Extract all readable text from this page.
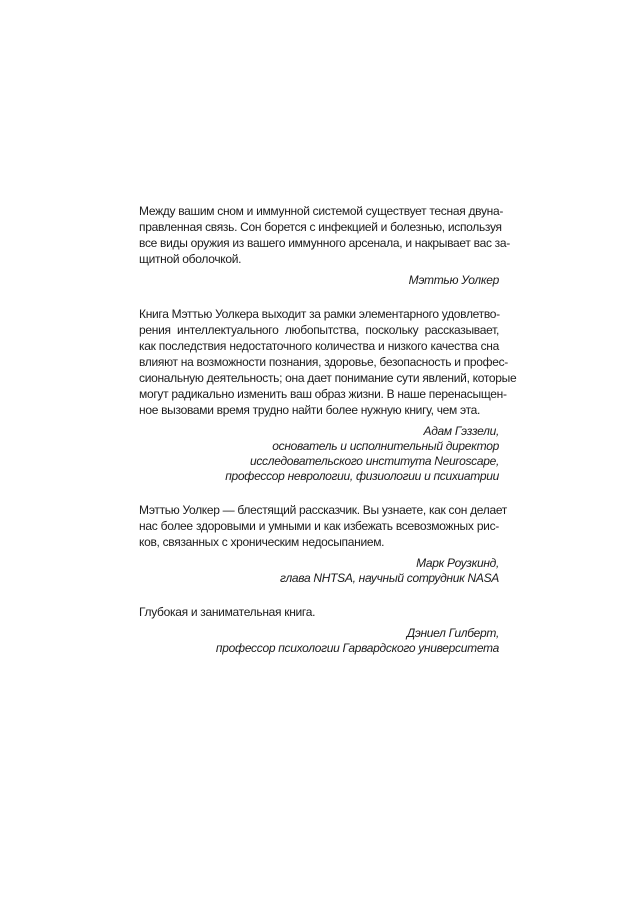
Между вашим сном и иммунной системой существует тесная двуна-
правленная связь. Сон борется с инфекцией и болезнью, используя
все виды оружия из вашего иммунного арсенала, и накрывает вас за-
щитной оболочкой.
Мэттью Уолкер
Книга Мэттью Уолкера выходит за рамки элементарного удовлетво-
рения интеллектуального любопытства, поскольку рассказывает,
как последствия недостаточного количества и низкого качества сна
влияют на возможности познания, здоровье, безопасность и профес-
сиональную деятельность; она дает понимание сути явлений, которые
могут радикально изменить ваш образ жизни. В наше перенасыщен-
ное вызовами время трудно найти более нужную книгу, чем эта.
Адам Гэззели,
основатель и исполнительный директор
исследовательского института Neuroscape,
профессор неврологии, физиологии и психиатрии
Мэттью Уолкер — блестящий рассказчик. Вы узнаете, как сон делает
нас более здоровыми и умными и как избежать всевозможных рис-
ков, связанных с хроническим недосыпанием.
Марк Роузкинд,
глава NHTSA, научный сотрудник NASA
Глубокая и занимательная книга.
Дэниел Гилберт,
профессор психологии Гарвардского университета
